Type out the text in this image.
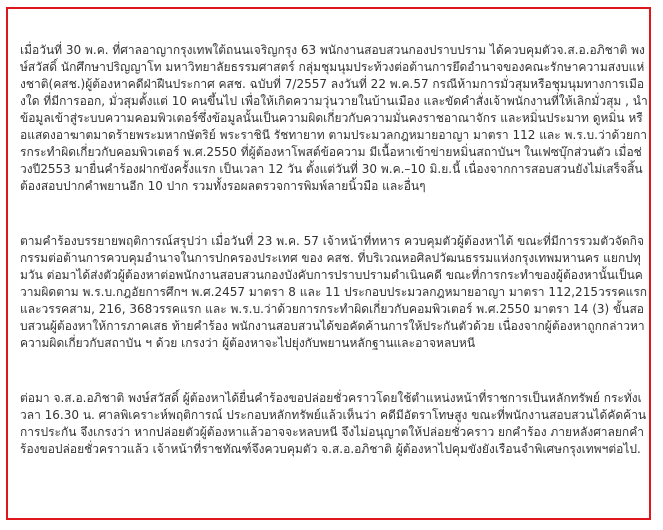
เมื่อวันที่ 30 พ.ค. ที่ศาลอาญากรุงเทพใต้ถนนเจริญกรุง 63 พนักงานสอบสวนกองปราบปราม ได้ควบคุมตัวจ.ส.อ.อภิชาติ พงษ์สวัสดิ์ นักศึกษาปริญญาโท มหาวิทยาลัยธรรมศาสตร์ กลุ่มชุมนุมประท้วงต่อต้านการยึดอำนาจของคณะรักษาความสงบแห่งชาติ(คสช.)ผู้ต้องหาคดีฝ่าฝืนประกาศ คสช. ฉบับที่ 7/2557 ลงวันที่ 22 พ.ค.57 กรณีห้ามการมั่วสุมหรือชุมนุมทางการเมืองใด ที่มีการออก, มั่วสุมตั้งแต่ 10 คนขึ้นไป เพื่อให้เกิดความวุ่นวายในบ้านเมือง และขัดคำสั่งเจ้าพนักงานที่ให้เลิกมั่วสุม , นำข้อมูลเข้าสู่ระบบความคอมพิวเตอร์ซึ่งข้อมูลนั้นเป็นความผิดเกี่ยวกับความมั่นคงราชอาณาจักร และหมิ่นประมาท ดูหมิ่น หรือแสดงอาฆาตมาดร้ายพระมหากษัตริย์ พระราชินี รัชทายาท ตามประมวลกฎหมายอาญา มาตรา 112 และ พ.ร.บ.ว่าด้วยการกระทำผิดเกี่ยวกับคอมพิวเตอร์ พ.ศ.2550 ที่ผู้ต้องหาโพสต์ข้อความ มีเนื้อหาเข้าข่ายหมิ่นสถาบันฯ ในเฟซบุ๊กส่วนตัว เมื่อช่วงปี2553 มายื่นคำร้องฝากขังครั้งแรก เป็นเวลา 12 วัน ตั้งแต่วันที่ 30 พ.ค.–10 มิ.ย.นี้ เนื่องจากการสอบสวนยังไม่เสร็จสิ้นต้องสอบปากคำพยานอีก 10 ปาก รวมทั้งรอผลตรวจการพิมพ์ลายนิ้วมือ และอื่นๆ

ตามคำร้องบรรยายพฤติการณ์สรุปว่า เมื่อวันที่ 23 พ.ค. 57 เจ้าหน้าที่ทหาร ควบคุมตัวผู้ต้องหาได้ ขณะที่มีการรวมตัวจัดกิจกรรมต่อต้านการควบคุมอำนาจในการปกครองประเทศ ของ คสช. ที่บริเวณหอศิลปวัฒนธรรมแห่งกรุงเทพมหานคร แยกปทุมวัน ต่อมาได้ส่งตัวผู้ต้องหาต่อพนักงานสอบสวนกองบังคับการปราบปรามดำเนินคดี ขณะที่การกระทำของผู้ต้องหานั้นเป็นความผิดตาม พ.ร.บ.กฎอัยการศึกฯ พ.ศ.2457 มาตรา 8 และ 11 ประกอบประมวลกฎหมายอาญา มาตรา 112,215วรรคแรกและวรรคสาม, 216, 368วรรคแรก และ พ.ร.บ.ว่าด้วยการกระทำผิดเกี่ยวกับคอมพิวเตอร์ พ.ศ.2550 มาตรา 14 (3) ขั้นสอบสวนผู้ต้องหาให้การภาคเสธ ท้ายคำร้อง พนักงานสอบสวนได้ขอคัดค้านการให้ประกันตัวด้วย เนื่องจากผู้ต้องหาถูกกล่าวหาความผิดเกี่ยวกับสถาบัน ฯ ด้วย เกรงว่า ผู้ต้องหาจะไปยุ่งกับพยานหลักฐานและอาจหลบหนี

ต่อมา จ.ส.อ.อภิชาติ พงษ์สวัสดิ์ ผู้ต้องหาได้ยื่นคำร้องขอปล่อยชั่วคราวโดยใช้ตำแหน่งหน้าที่ราชการเป็นหลักทรัพย์ กระทั่งเวลา 16.30 น. ศาลพิเคราะห์พฤติการณ์ ประกอบหลักทรัพย์แล้วเห็นว่า คดีมีอัตราโทษสูง ขณะที่พนักงานสอบสวนได้คัดค้านการประกัน จึงเกรงว่า หากปล่อยตัวผู้ต้องหาแล้วอาจจะหลบหนี จึงไม่อนุญาตให้ปล่อยชั่วคราว ยกคำร้อง ภายหลังศาลยกคำร้องขอปล่อยชั่วคราวแล้ว เจ้าหน้าที่ราชทัณฑ์จึงควบคุมตัว จ.ส.อ.อภิชาติ ผู้ต้องหาไปคุมขังยังเรือนจำพิเศษกรุงเทพฯต่อไป.
